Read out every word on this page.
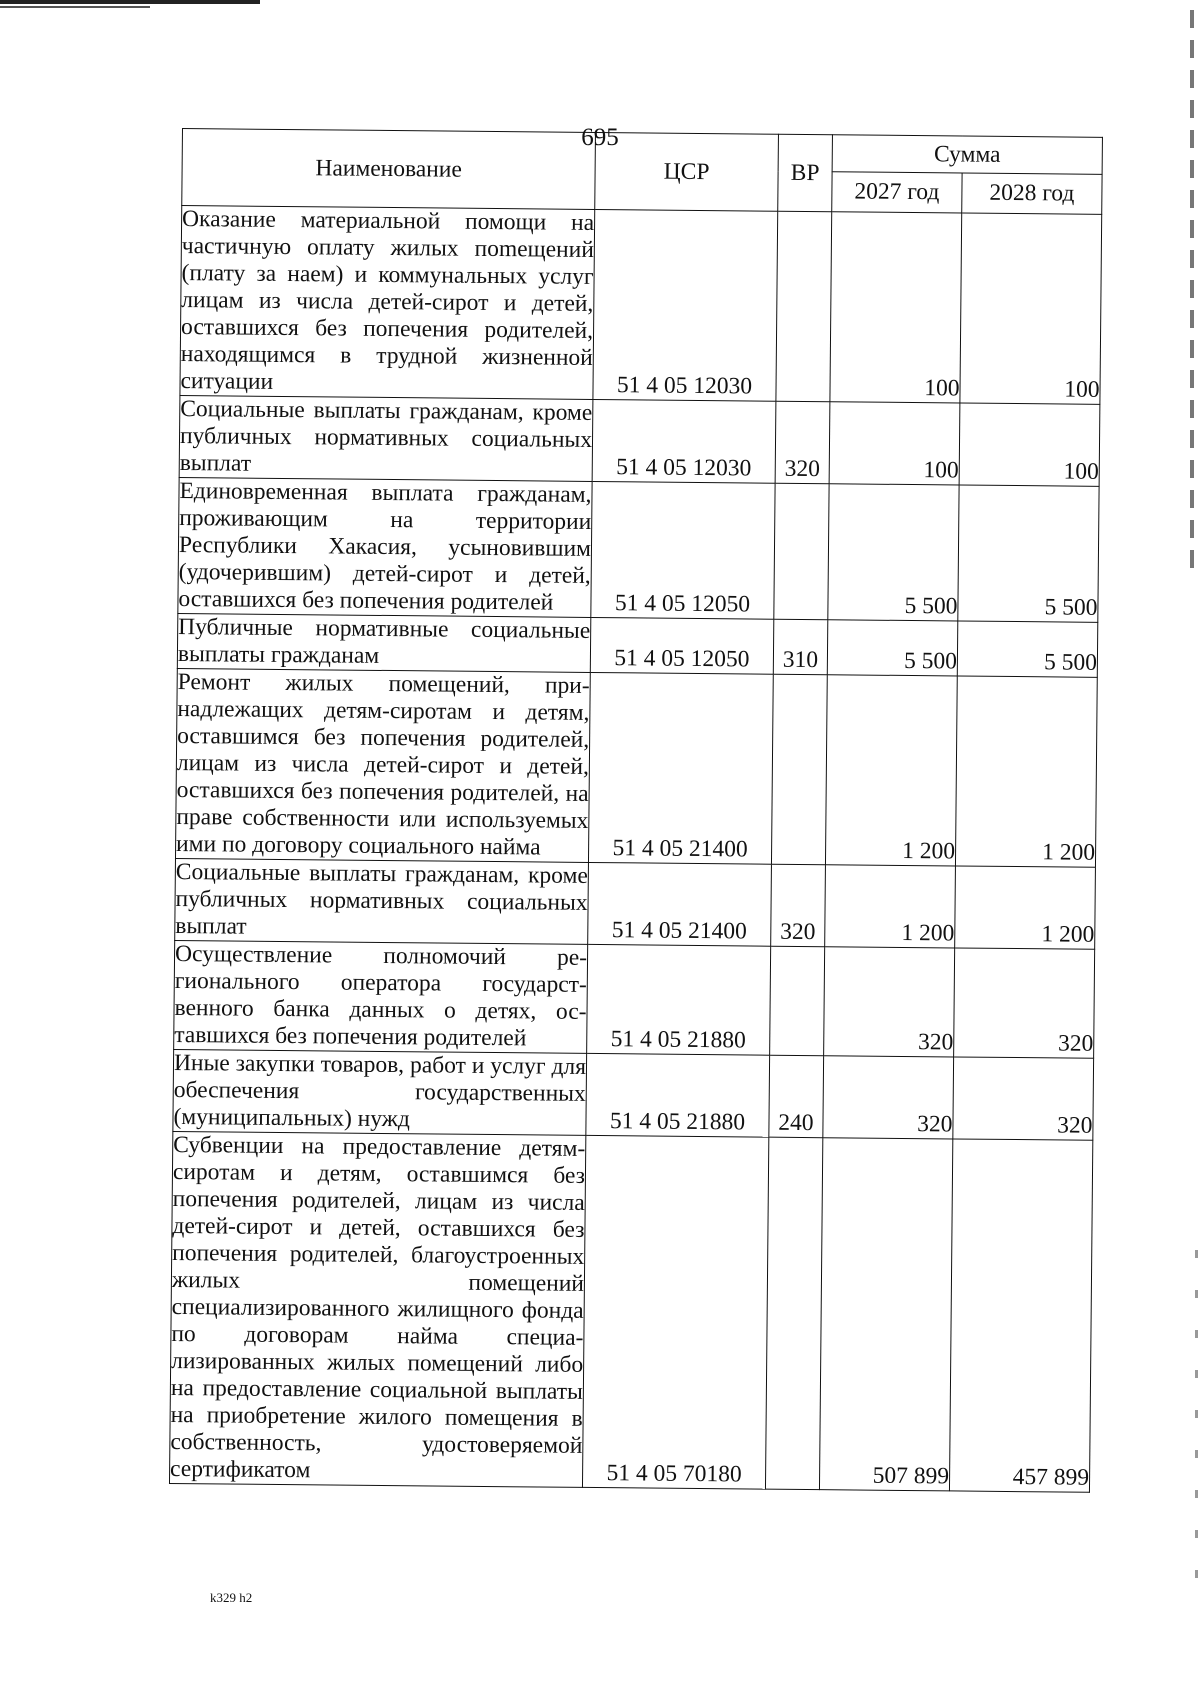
695
Наименование	ЦСР	ВР	Сумма	
			2027 год	2028 год
Оказание материальной помощи на частичную оплату жилых поmещений (плату за наем) и коммунальных услуг лицам из числа детей-сирот и детей, оставшихся без попечения родителей, находящимся в трудной жизненной ситуации	51 4 05 12030		100	100
Социальные выплаты гражданам, кроме публичных нормативных социальных выплат	51 4 05 12030	320	100	100
Единовременная выплата гражданам, проживающим на территории Республики Хакасия, усыновившим (удочерившим) детей-сирот и детей, оставшихся без попечения родителей	51 4 05 12050		5 500	5 500
Публичные нормативные социальные выплаты гражданам	51 4 05 12050	310	5 500	5 500
Ремонт жилых помещений, принадлежащих детям-сиротам и детям, оставшимся без попечения родителей, лицам из числа детей-сирот и детей, оставшихся без попечения родителей, на праве собственности или используемых ими по договору социального найма	51 4 05 21400		1 200	1 200
Социальные выплаты гражданам, кроме публичных нормативных социальных выплат	51 4 05 21400	320	1 200	1 200
Осуществление полномочий регионального оператора государственного банка данных о детях, оставшихся без попечения родителей	51 4 05 21880		320	320
Иные закупки товаров, работ и услуг для обеспечения государственных (муниципальных) нужд	51 4 05 21880	240	320	320
Субвенции на предоставление детям-сиротам и детям, оставшимся без попечения родителей, лицам из числа детей-сирот и детей, оставшихся без попечения родителей, благоустроенных жилых помещений специализированного жилищного фонда по договорам найма специализированных жилых помещений либо на предоставление социальной выплаты на приобретение жилого помещения в собственность, удостоверяемой сертификатом	51 4 05 70180		507 899	457 899
k329 h2
